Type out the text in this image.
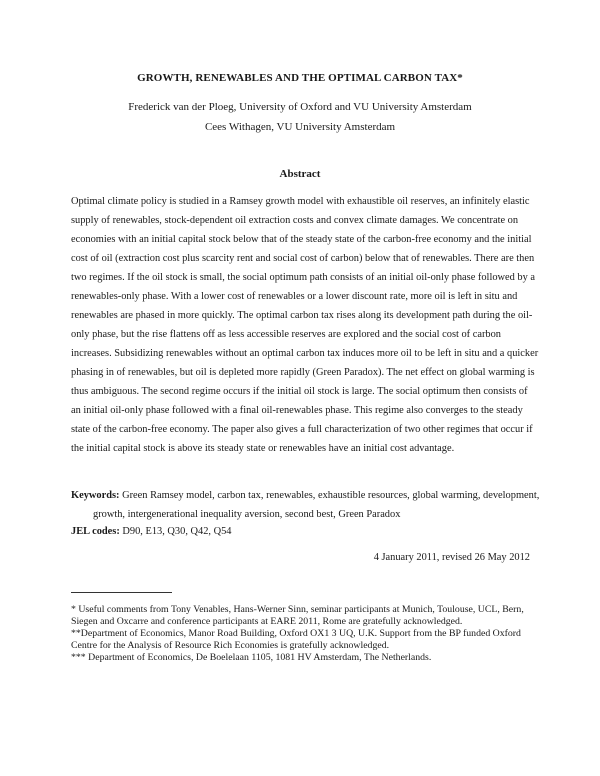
GROWTH, RENEWABLES AND THE OPTIMAL CARBON TAX*
Frederick van der Ploeg, University of Oxford and VU University Amsterdam
Cees Withagen, VU University Amsterdam
Abstract

Optimal climate policy is studied in a Ramsey growth model with exhaustible oil reserves, an infinitely elastic supply of renewables, stock-dependent oil extraction costs and convex climate damages. We concentrate on economies with an initial capital stock below that of the steady state of the carbon-free economy and the initial cost of oil (extraction cost plus scarcity rent and social cost of carbon) below that of renewables. There are then two regimes. If the oil stock is small, the social optimum path consists of an initial oil-only phase followed by a renewables-only phase. With a lower cost of renewables or a lower discount rate, more oil is left in situ and renewables are phased in more quickly. The optimal carbon tax rises along its development path during the oil-only phase, but the rise flattens off as less accessible reserves are explored and the social cost of carbon increases. Subsidizing renewables without an optimal carbon tax induces more oil to be left in situ and a quicker phasing in of renewables, but oil is depleted more rapidly (Green Paradox). The net effect on global warming is thus ambiguous. The second regime occurs if the initial oil stock is large. The social optimum then consists of an initial oil-only phase followed with a final oil-renewables phase. This regime also converges to the steady state of the carbon-free economy. The paper also gives a full characterization of two other regimes that occur if the initial capital stock is above its steady state or renewables have an initial cost advantage.

Keywords: Green Ramsey model, carbon tax, renewables, exhaustible resources, global warming, development, growth, intergenerational inequality aversion, second best, Green Paradox
JEL codes: D90, E13, Q30, Q42, Q54
4 January 2011, revised 26 May 2012

* Useful comments from Tony Venables, Hans-Werner Sinn, seminar participants at Munich, Toulouse, UCL, Bern, Siegen and Oxcarre and conference participants at EARE 2011, Rome are gratefully acknowledged.

**Department of Economics, Manor Road Building, Oxford OX1 3 UQ, U.K. Support from the BP funded Oxford Centre for the Analysis of Resource Rich Economies is gratefully acknowledged.

*** Department of Economics, De Boelelaan 1105, 1081 HV Amsterdam, The Netherlands.
